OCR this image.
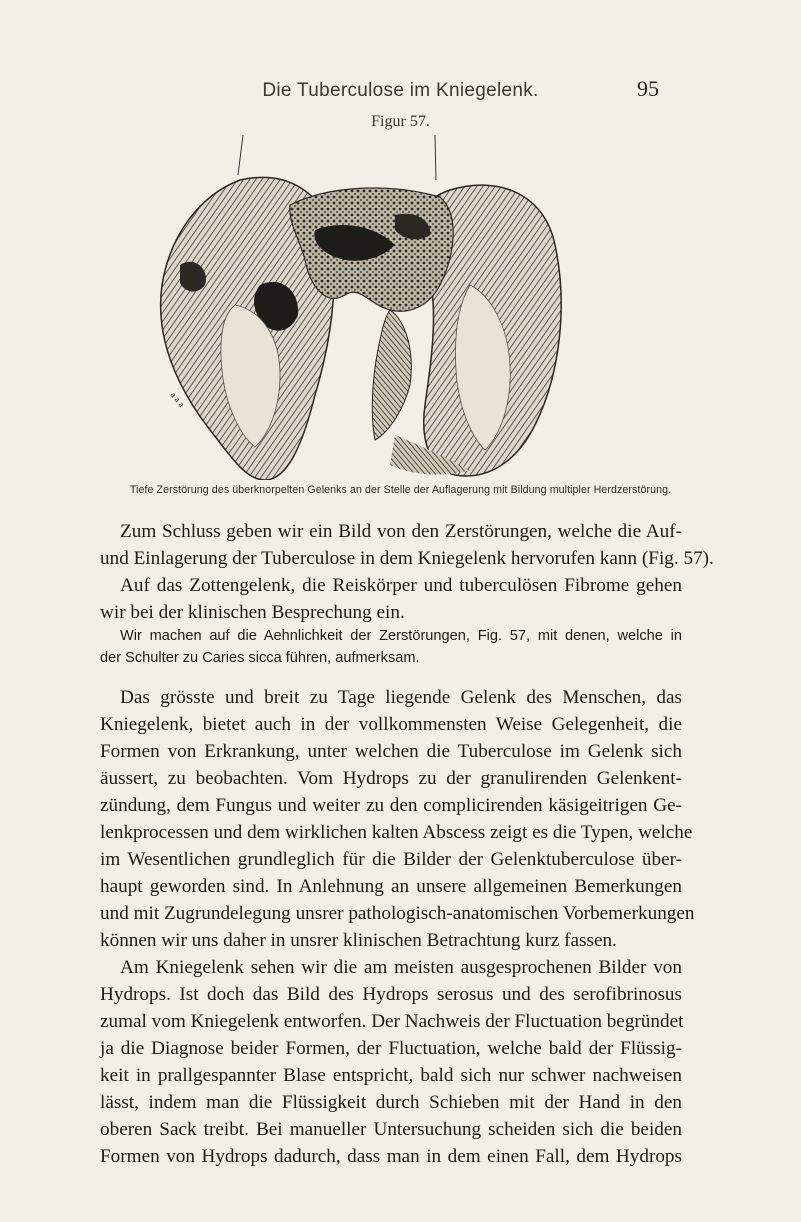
Die Tuberculose im Kniegelenk.	95
Figur 57.
a a a
Tiefe Zerstörung des überknorpelten Gelenks an der Stelle der Auflagerung mit Bildung multipler Herdzerstörung.
Zum Schluss geben wir ein Bild von den Zerstörungen, welche die Auf-
und Einlagerung der Tuberculose in dem Kniegelenk hervorufen kann (Fig. 57).
Auf das Zottengelenk, die Reiskörper und tuberculösen Fibrome gehen
wir bei der klinischen Besprechung ein.
Wir machen auf die Aehnlichkeit der Zerstörungen, Fig. 57, mit denen, welche in
der Schulter zu Caries sicca führen, aufmerksam.
Das grösste und breit zu Tage liegende Gelenk des Menschen, das
Kniegelenk, bietet auch in der vollkommensten Weise Gelegenheit, die
Formen von Erkrankung, unter welchen die Tuberculose im Gelenk sich
äussert, zu beobachten. Vom Hydrops zu der granulirenden Gelenkent-
zündung, dem Fungus und weiter zu den complicirenden käsigeitrigen Ge-
lenkprocessen und dem wirklichen kalten Abscess zeigt es die Typen, welche
im Wesentlichen grundleglich für die Bilder der Gelenktuberculose über-
haupt geworden sind. In Anlehnung an unsere allgemeinen Bemerkungen
und mit Zugrundelegung unsrer pathologisch-anatomischen Vorbemerkungen
können wir uns daher in unsrer klinischen Betrachtung kurz fassen.
Am Kniegelenk sehen wir die am meisten ausgesprochenen Bilder von
Hydrops. Ist doch das Bild des Hydrops serosus und des serofibrinosus
zumal vom Kniegelenk entworfen. Der Nachweis der Fluctuation begründet
ja die Diagnose beider Formen, der Fluctuation, welche bald der Flüssig-
keit in prallgespannter Blase entspricht, bald sich nur schwer nachweisen
lässt, indem man die Flüssigkeit durch Schieben mit der Hand in den
oberen Sack treibt. Bei manueller Untersuchung scheiden sich die beiden
Formen von Hydrops dadurch, dass man in dem einen Fall, dem Hydrops
